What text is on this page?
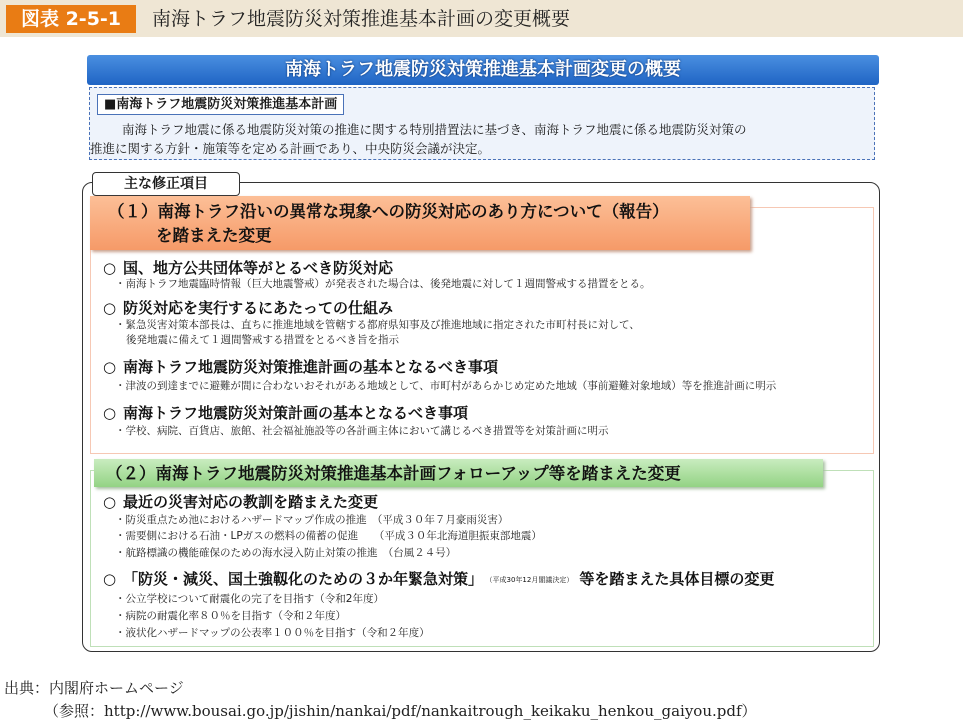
図表 2-5-1	南海トラフ地震防災対策推進基本計画の変更概要
南海トラフ地震防災対策推進基本計画変更の概要
■南海トラフ地震防災対策推進基本計画
南海トラフ地震に係る地震防災対策の推進に関する特別措置法に基づき、南海トラフ地震に係る地震防災対策の
推進に関する方針・施策等を定める計画であり、中央防災会議が決定。
主な修正項目
（１）南海トラフ沿いの異常な現象への防災対応のあり方について（報告）
を踏まえた変更
○ 国、地方公共団体等がとるべき防災対応
・南海トラフ地震臨時情報（巨大地震警戒）が発表された場合は、後発地震に対して１週間警戒する措置をとる。
○ 防災対応を実行するにあたっての仕組み
・緊急災害対策本部長は、直ちに推進地域を管轄する都府県知事及び推進地域に指定された市町村長に対して、
後発地震に備えて１週間警戒する措置をとるべき旨を指示
○ 南海トラフ地震防災対策推進計画の基本となるべき事項
・津波の到達までに避難が間に合わないおそれがある地域として、市町村があらかじめ定めた地域（事前避難対象地域）等を推進計画に明示
○ 南海トラフ地震防災対策計画の基本となるべき事項
・学校、病院、百貨店、旅館、社会福祉施設等の各計画主体において講じるべき措置等を対策計画に明示
（２）南海トラフ地震防災対策推進基本計画フォローアップ等を踏まえた変更
○ 最近の災害対応の教訓を踏まえた変更
・防災重点ため池におけるハザードマップ作成の推進　（平成３０年７月豪雨災害）
・需要側における石油・LPガスの燃料の備蓄の促進　　（平成３０年北海道胆振東部地震）
・航路標識の機能確保のための海水浸入防止対策の推進　（台風２４号）
○ 「防災・減災、国土強靱化のための３か年緊急対策」 （平成30年12月閣議決定） 等を踏まえた具体目標の変更
・公立学校について耐震化の完了を目指す（令和2年度）
・病院の耐震化率８０％を目指す（令和２年度）
・液状化ハザードマップの公表率１００％を目指す（令和２年度）
出典：内閣府ホームページ
（参照：http://www.bousai.go.jp/jishin/nankai/pdf/nankaitrough_keikaku_henkou_gaiyou.pdf）
